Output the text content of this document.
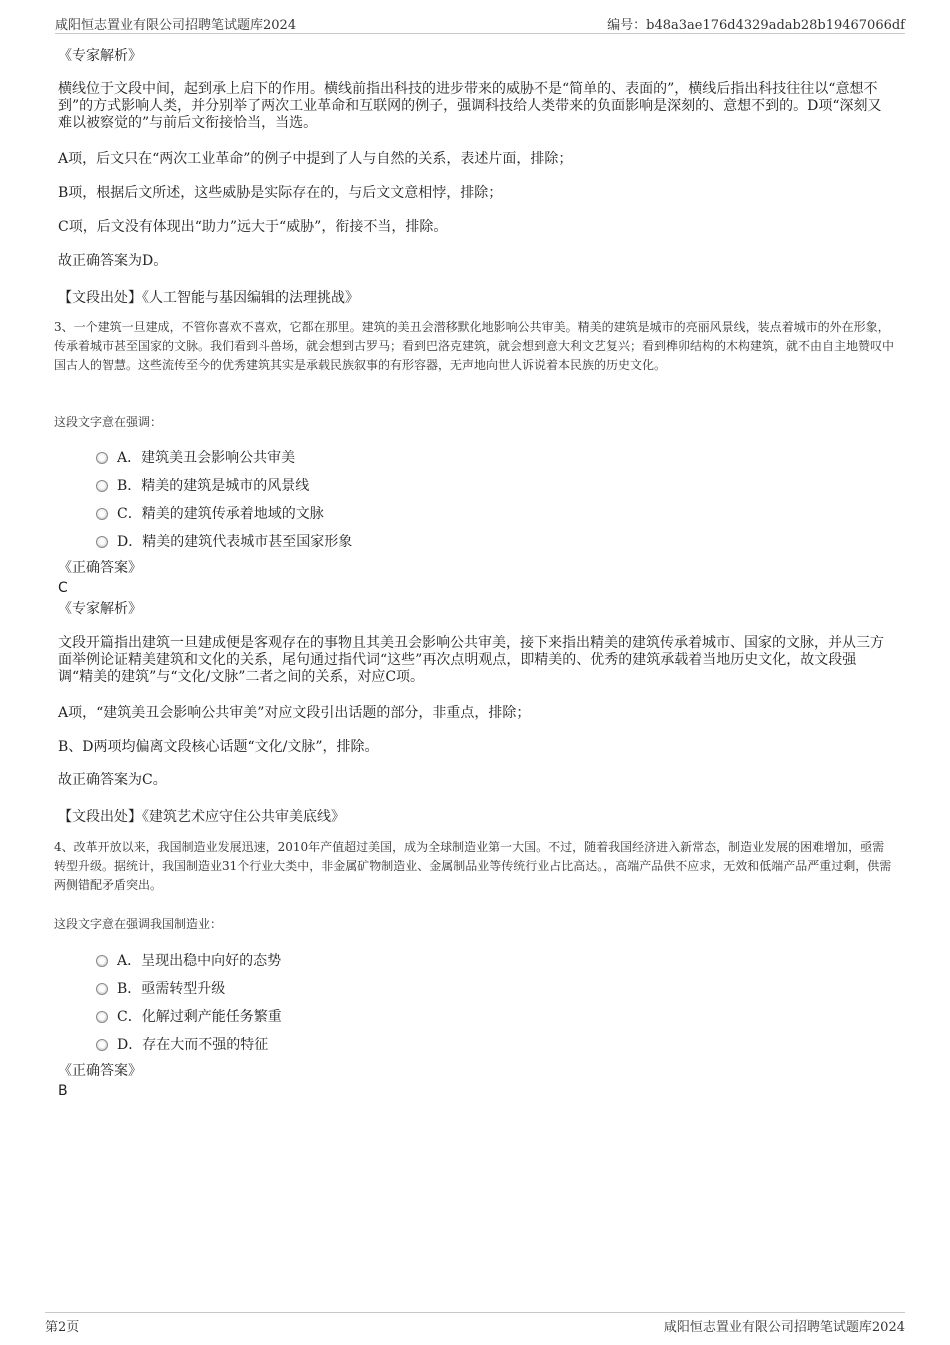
咸阳恒志置业有限公司招聘笔试题库2024	编号：b48a3ae176d4329adab28b19467066df
《专家解析》
横线位于文段中间，起到承上启下的作用。横线前指出科技的进步带来的威胁不是“简单的、表面的”，横线后指出科技往往以“意想不到”的方式影响人类，并分别举了两次工业革命和互联网的例子，强调科技给人类带来的负面影响是深刻的、意想不到的。D项“深刻又难以被察觉的”与前后文衔接恰当，当选。
A项，后文只在“两次工业革命”的例子中提到了人与自然的关系，表述片面，排除；
B项，根据后文所述，这些威胁是实际存在的，与后文文意相悖，排除；
C项，后文没有体现出“助力”远大于“威胁”，衔接不当，排除。
故正确答案为D。
【文段出处】《人工智能与基因编辑的法理挑战》
3、一个建筑一旦建成，不管你喜欢不喜欢，它都在那里。建筑的美丑会潜移默化地影响公共审美。精美的建筑是城市的亮丽风景线，装点着城市的外在形象，传承着城市甚至国家的文脉。我们看到斗兽场，就会想到古罗马；看到巴洛克建筑，就会想到意大利文艺复兴；看到榫卯结构的木构建筑，就不由自主地赞叹中国古人的智慧。这些流传至今的优秀建筑其实是承载民族叙事的有形容器，无声地向世人诉说着本民族的历史文化。
这段文字意在强调：
A．建筑美丑会影响公共审美
B．精美的建筑是城市的风景线
C．精美的建筑传承着地域的文脉
D．精美的建筑代表城市甚至国家形象
《正确答案》
C
《专家解析》
文段开篇指出建筑一旦建成便是客观存在的事物且其美丑会影响公共审美，接下来指出精美的建筑传承着城市、国家的文脉，并从三方面举例论证精美建筑和文化的关系，尾句通过指代词“这些”再次点明观点，即精美的、优秀的建筑承载着当地历史文化，故文段强调“精美的建筑”与“文化/文脉”二者之间的关系，对应C项。
A项，“建筑美丑会影响公共审美”对应文段引出话题的部分，非重点，排除；
B、D两项均偏离文段核心话题“文化/文脉”，排除。
故正确答案为C。
【文段出处】《建筑艺术应守住公共审美底线》
4、改革开放以来，我国制造业发展迅速，2010年产值超过美国，成为全球制造业第一大国。不过，随着我国经济进入新常态，制造业发展的困难增加，亟需转型升级。据统计，我国制造业31个行业大类中，非金属矿物制造业、金属制品业等传统行业占比高达。，高端产品供不应求，无效和低端产品严重过剩，供需两侧错配矛盾突出。
这段文字意在强调我国制造业：
A．呈现出稳中向好的态势
B．亟需转型升级
C．化解过剩产能任务繁重
D．存在大而不强的特征
《正确答案》
B
第2页	咸阳恒志置业有限公司招聘笔试题库2024
